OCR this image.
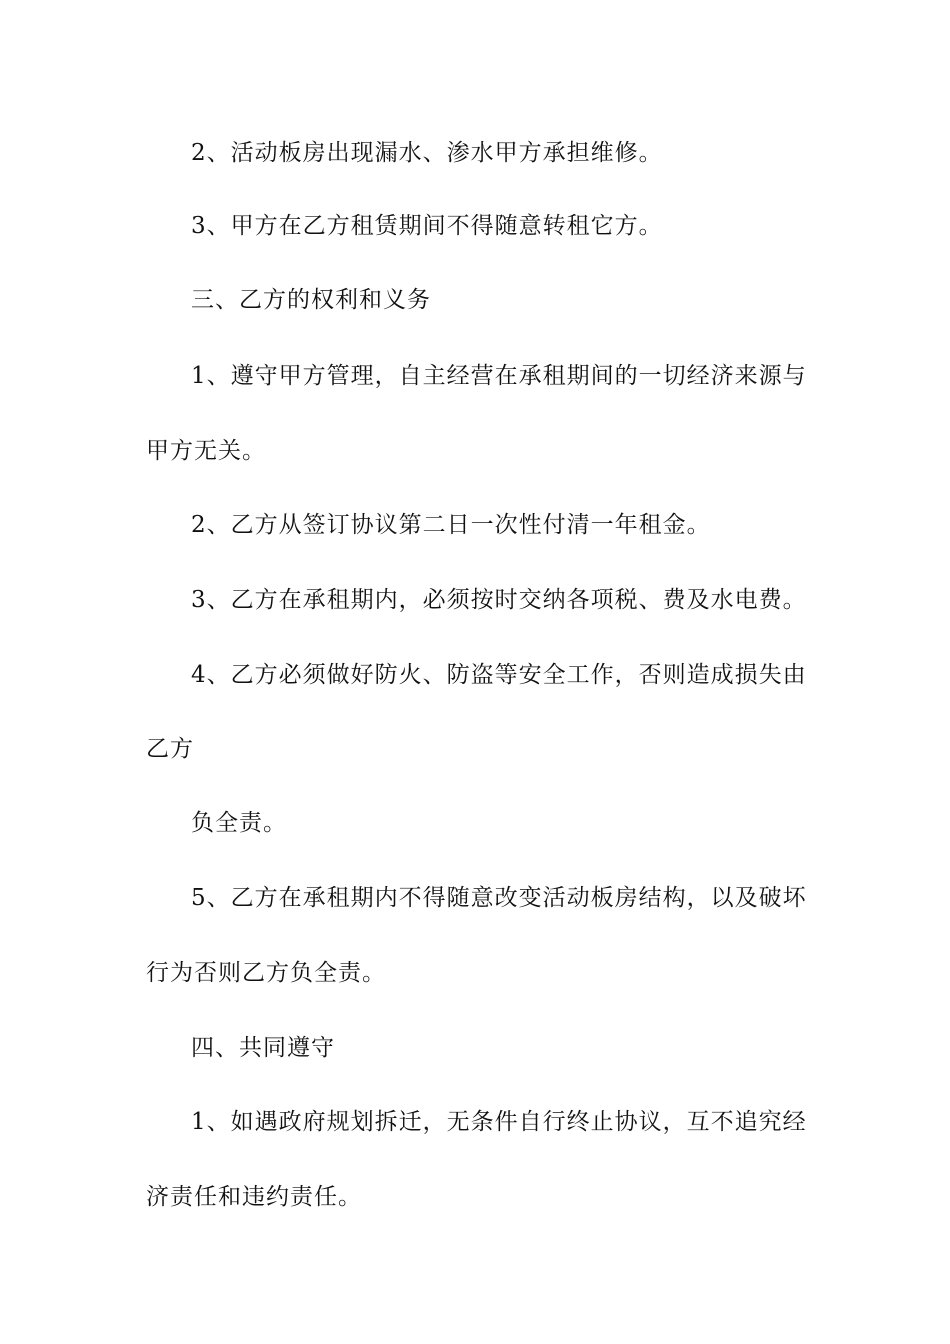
2、活动板房出现漏水、渗水甲方承担维修。
3、甲方在乙方租赁期间不得随意转租它方。
三、乙方的权利和义务
1、遵守甲方管理，自主经营在承租期间的一切经济来源与
甲方无关。
2、乙方从签订协议第二日一次性付清一年租金。
3、乙方在承租期内，必须按时交纳各项税、费及水电费。
4、乙方必须做好防火、防盗等安全工作，否则造成损失由
乙方
负全责。
5、乙方在承租期内不得随意改变活动板房结构，以及破坏
行为否则乙方负全责。
四、共同遵守
1、如遇政府规划拆迁，无条件自行终止协议，互不追究经
济责任和违约责任。
